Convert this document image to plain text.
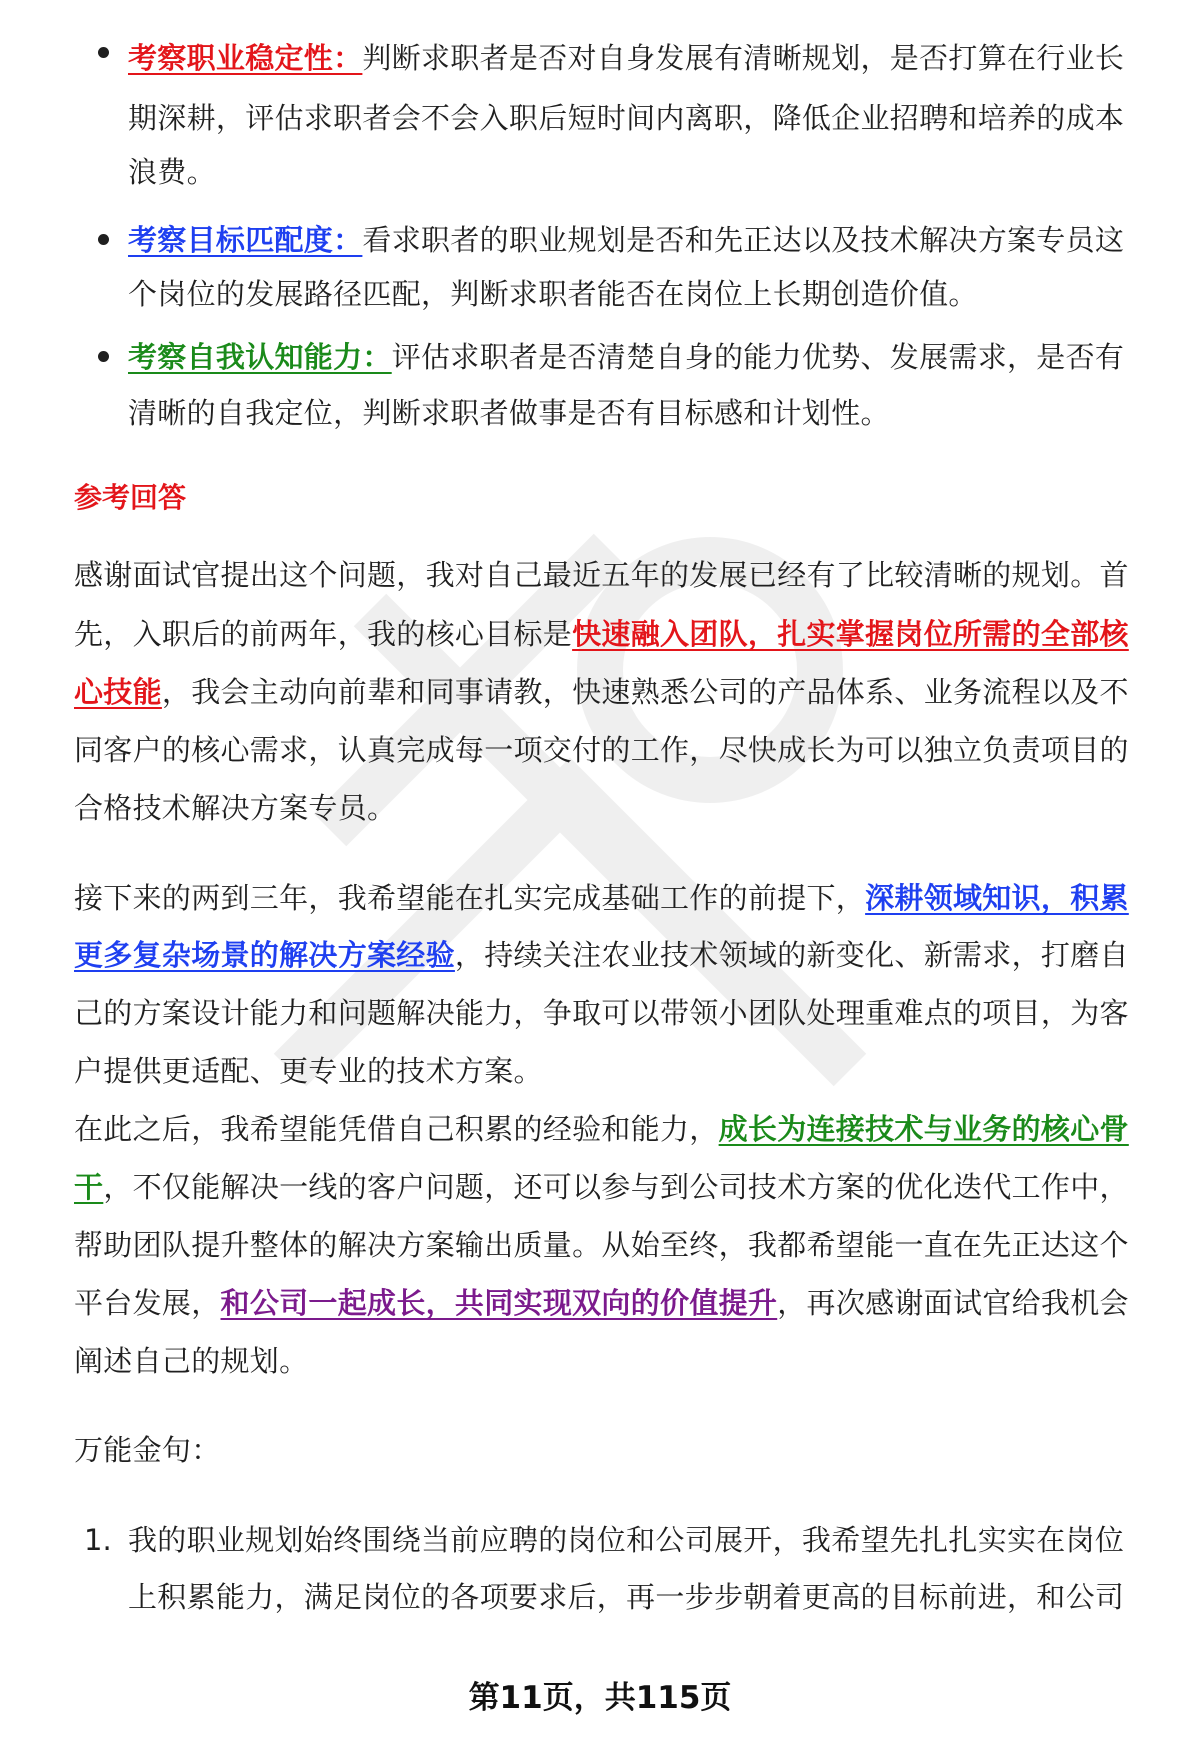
考察职业稳定性：判断求职者是否对自身发展有清晰规划，是否打算在行业长
期深耕，评估求职者会不会入职后短时间内离职，降低企业招聘和培养的成本
浪费。
考察目标匹配度：看求职者的职业规划是否和先正达以及技术解决方案专员这
个岗位的发展路径匹配，判断求职者能否在岗位上长期创造价值。
考察自我认知能力：评估求职者是否清楚自身的能力优势、发展需求，是否有
清晰的自我定位，判断求职者做事是否有目标感和计划性。
参考回答
感谢面试官提出这个问题，我对自己最近五年的发展已经有了比较清晰的规划。首
先，入职后的前两年，我的核心目标是快速融入团队，扎实掌握岗位所需的全部核
心技能，我会主动向前辈和同事请教，快速熟悉公司的产品体系、业务流程以及不
同客户的核心需求，认真完成每一项交付的工作，尽快成长为可以独立负责项目的
合格技术解决方案专员。
接下来的两到三年，我希望能在扎实完成基础工作的前提下，深耕领域知识，积累
更多复杂场景的解决方案经验，持续关注农业技术领域的新变化、新需求，打磨自
己的方案设计能力和问题解决能力，争取可以带领小团队处理重难点的项目，为客
户提供更适配、更专业的技术方案。
在此之后，我希望能凭借自己积累的经验和能力，成长为连接技术与业务的核心骨
干，不仅能解决一线的客户问题，还可以参与到公司技术方案的优化迭代工作中，
帮助团队提升整体的解决方案输出质量。从始至终，我都希望能一直在先正达这个
平台发展，和公司一起成长，共同实现双向的价值提升，再次感谢面试官给我机会
阐述自己的规划。
万能金句：
1. 我的职业规划始终围绕当前应聘的岗位和公司展开，我希望先扎扎实实在岗位
上积累能力，满足岗位的各项要求后，再一步步朝着更高的目标前进，和公司
第11页，共115页
